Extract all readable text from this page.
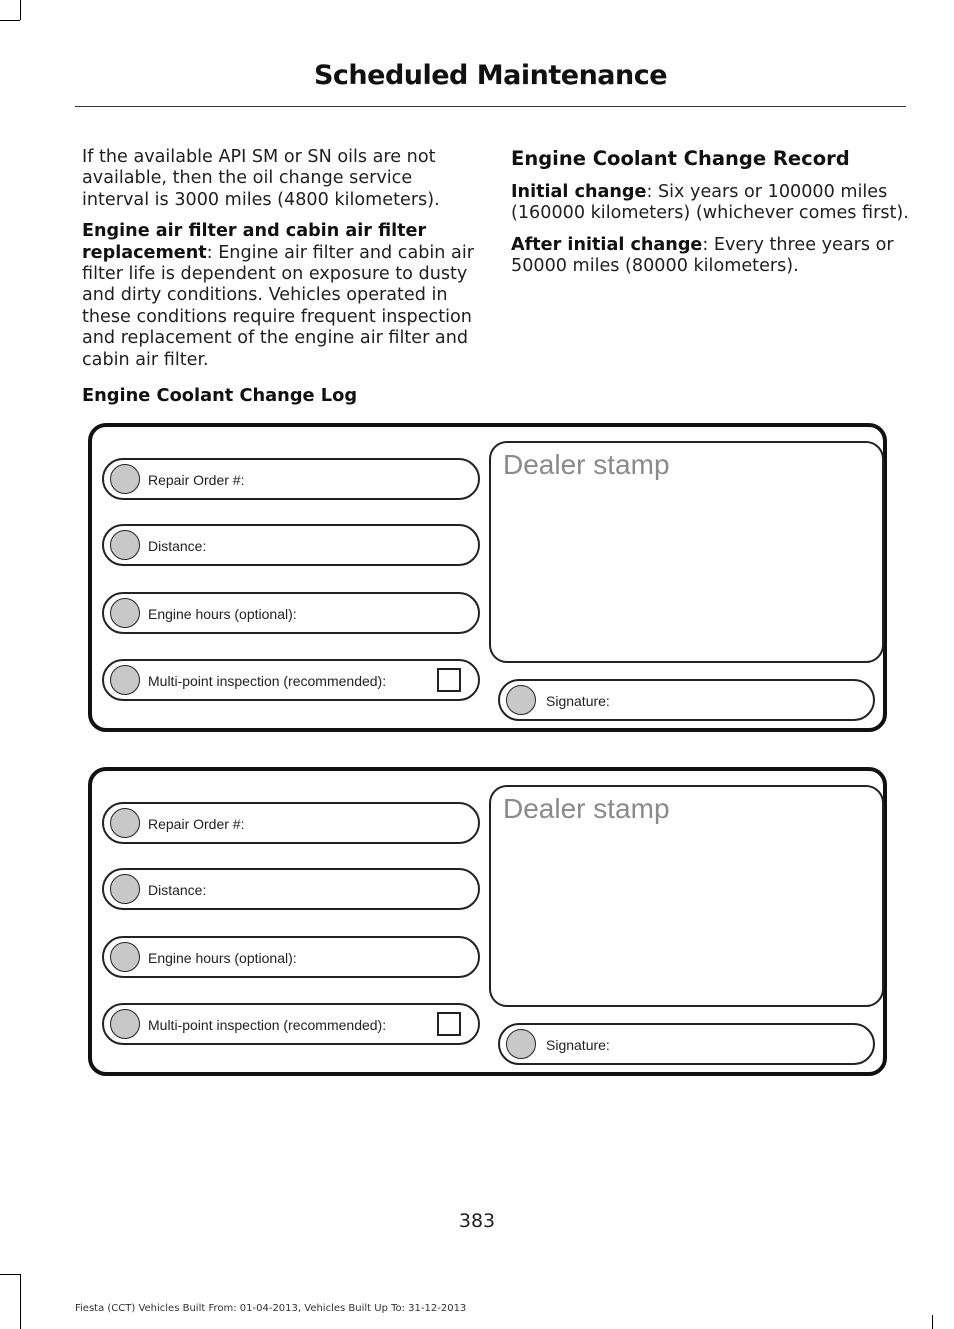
Scheduled Maintenance

If the available API SM or SN oils are not available, then the oil change service interval is 3000 miles (4800 kilometers).

Engine air filter and cabin air filter replacement: Engine air filter and cabin air filter life is dependent on exposure to dusty and dirty conditions. Vehicles operated in these conditions require frequent inspection and replacement of the engine air filter and cabin air filter.

Engine Coolant Change Record

Initial change: Six years or 100000 miles (160000 kilometers) (whichever comes first).

After initial change: Every three years or 50000 miles (80000 kilometers).

Engine Coolant Change Log
Repair Order #:
Distance:
Engine hours (optional):
Multi-point inspection (recommended):
Dealer stamp
Signature:
Repair Order #:
Distance:
Engine hours (optional):
Multi-point inspection (recommended):
Dealer stamp
Signature:
383
Fiesta (CCT) Vehicles Built From: 01-04-2013, Vehicles Built Up To: 31-12-2013
